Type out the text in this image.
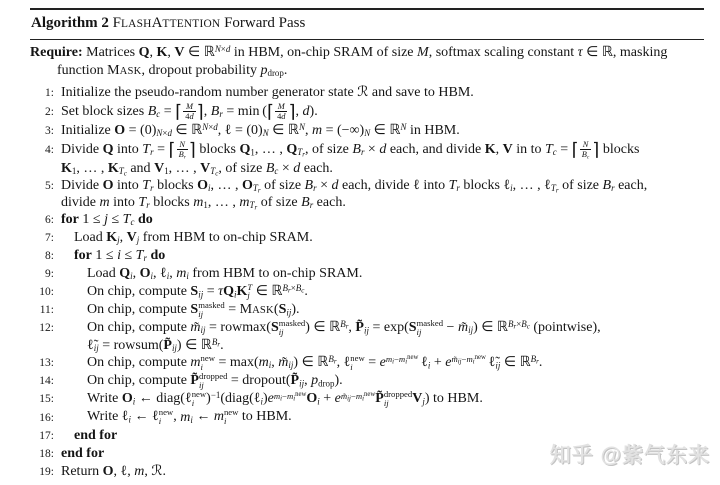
Algorithm 2 FLASHATTENTION Forward Pass
Require: Matrices Q, K, V ∈ ℝ$^{N\times d}$ in HBM, on-chip SRAM of size M, softmax scaling constant τ ∈ ℝ, masking function MASK, dropout probability $p_{drop}$.
1: Initialize the pseudo-random number generator state ℛ and save to HBM.
2: Set block sizes $B_c$ = ⌈ $\frac{M}{4d}$ ⌉, $B_r = \min$ (⌈ $\frac{M}{4d}$ ⌉, d).
3: Initialize $O = (0)_{N\times d}$ ∈ ℝ$^{N\times d}$, ℓ = $(0)_N$ ∈ ℝ$^N$, $m = (-\infty)_N$ ∈ ℝ$^N$ in HBM.
4: Divide Q into $T_r$ = ⌈ $\frac{N}{B_r}$ ⌉ blocks $Q_1$, … , $Q_{T_r}$, of size $B_r \times d$ each, and divide K, V in to $T_c$ = ⌈ $\frac{N}{B_c}$ ⌉ blocks
$K_1$, … , $K_{T_c}$ and $V_1$, … , $V_{T_c}$, of size $B_c \times d$ each.
5: Divide O into $T_r$ blocks $O_i$, … , $O_{T_r}$ of size $B_r \times d$ each, divide ℓ into $T_r$ blocks ℓ$_i$, … , ℓ$_{T_r}$ of size $B_r$ each,
divide m into $T_r$ blocks $m_1$, … , $m_{T_r}$ of size $B_r$ each.
6: for $1 \le j \le T_c$ do
7:	Load $K_j$, $V_j$ from HBM to on-chip SRAM.
8:	for $1 \le i \le T_r$ do
9:	Load $Q_i$, $O_i$, ℓ$_i$, $m_i$ from HBM to on-chip SRAM.
10:	On chip, compute $S_{ij} = \tau Q_iK$ T
j ∈ ℝ$^{B_r\times B_c}$.
11:	On chip, compute S masked
ij	= $MASK(S_{ij})$.
12:	On chip, compute $m̃_{ij} = rowmax(S$ masked
ij	) ∈ ℝ$^{B_r}$, $P̃_{ij} = \exp(S$ masked
ij	− $m̃_{ij}$) ∈ ℝ$^{B_r\times B_c}$ (pointwise),
$\ell̃_{ij}$ = $rowsum(P̃_{ij})$ ∈ ℝ$^{B_r}$.
13:	On chip, compute m new
$i = \max(m_i$, $m̃_{ij}$) ∈ ℝ$^{B_r}$, ℓ new
$i = e^{m_i-m_i^{new}}$ ℓ$_i$ + $e^{m̃_{ij}-m_i^{new}}$ $\ell̃_{ij}$ ∈ ℝ$^{B_r}$.
14:	On chip, compute P̃ dropped
ij	= $dropout(P̃_{ij}$, $p_{drop}$).
15:	Write $O_i$ ← diag(ℓ new
i )$^{-1}(diag(\ell_i)e^{m_i-m_i^{new}}O_i$ + $e^{m̃_{ij}-m_i^{new}}P̃$ dropped
ij	$V_j$) to HBM.
16:	Write ℓ$_i$ ← ℓ new
i , $m_i$ ← m new
i to HBM.
17:	end for
18: end for
19: Return O, ℓ, m, ℛ.
知乎 @紫气东来
